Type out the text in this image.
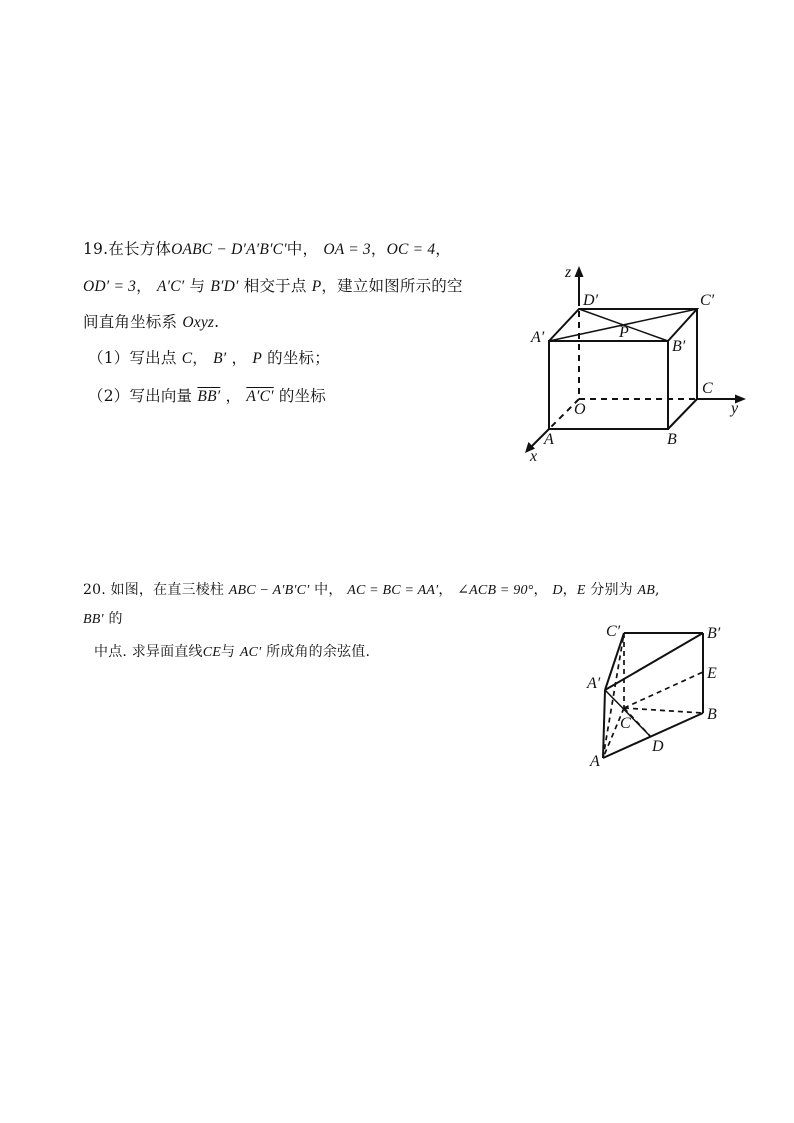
19.在长方体OABC − D′A′B′C′中， OA = 3，OC = 4，
OD′ = 3， A′C′ 与 B′D′ 相交于点 P，建立如图所示的空
间直角坐标系 Oxyz.
（1）写出点 C， B′ ， P 的坐标；
（2）写出向量 BB′ ， A′C′ 的坐标
z
y
x
O
A	B
C
D′
A′
B′
C′
P
20. 如图，在直三棱柱 ABC − A′B′C′ 中， AC = BC = AA′， ∠ACB = 90°， D，E 分别为 AB,
BB′ 的
中点. 求异面直线CE与 AC′ 所成角的余弦值.
C′	B′
A′
E
C
B
D
A
